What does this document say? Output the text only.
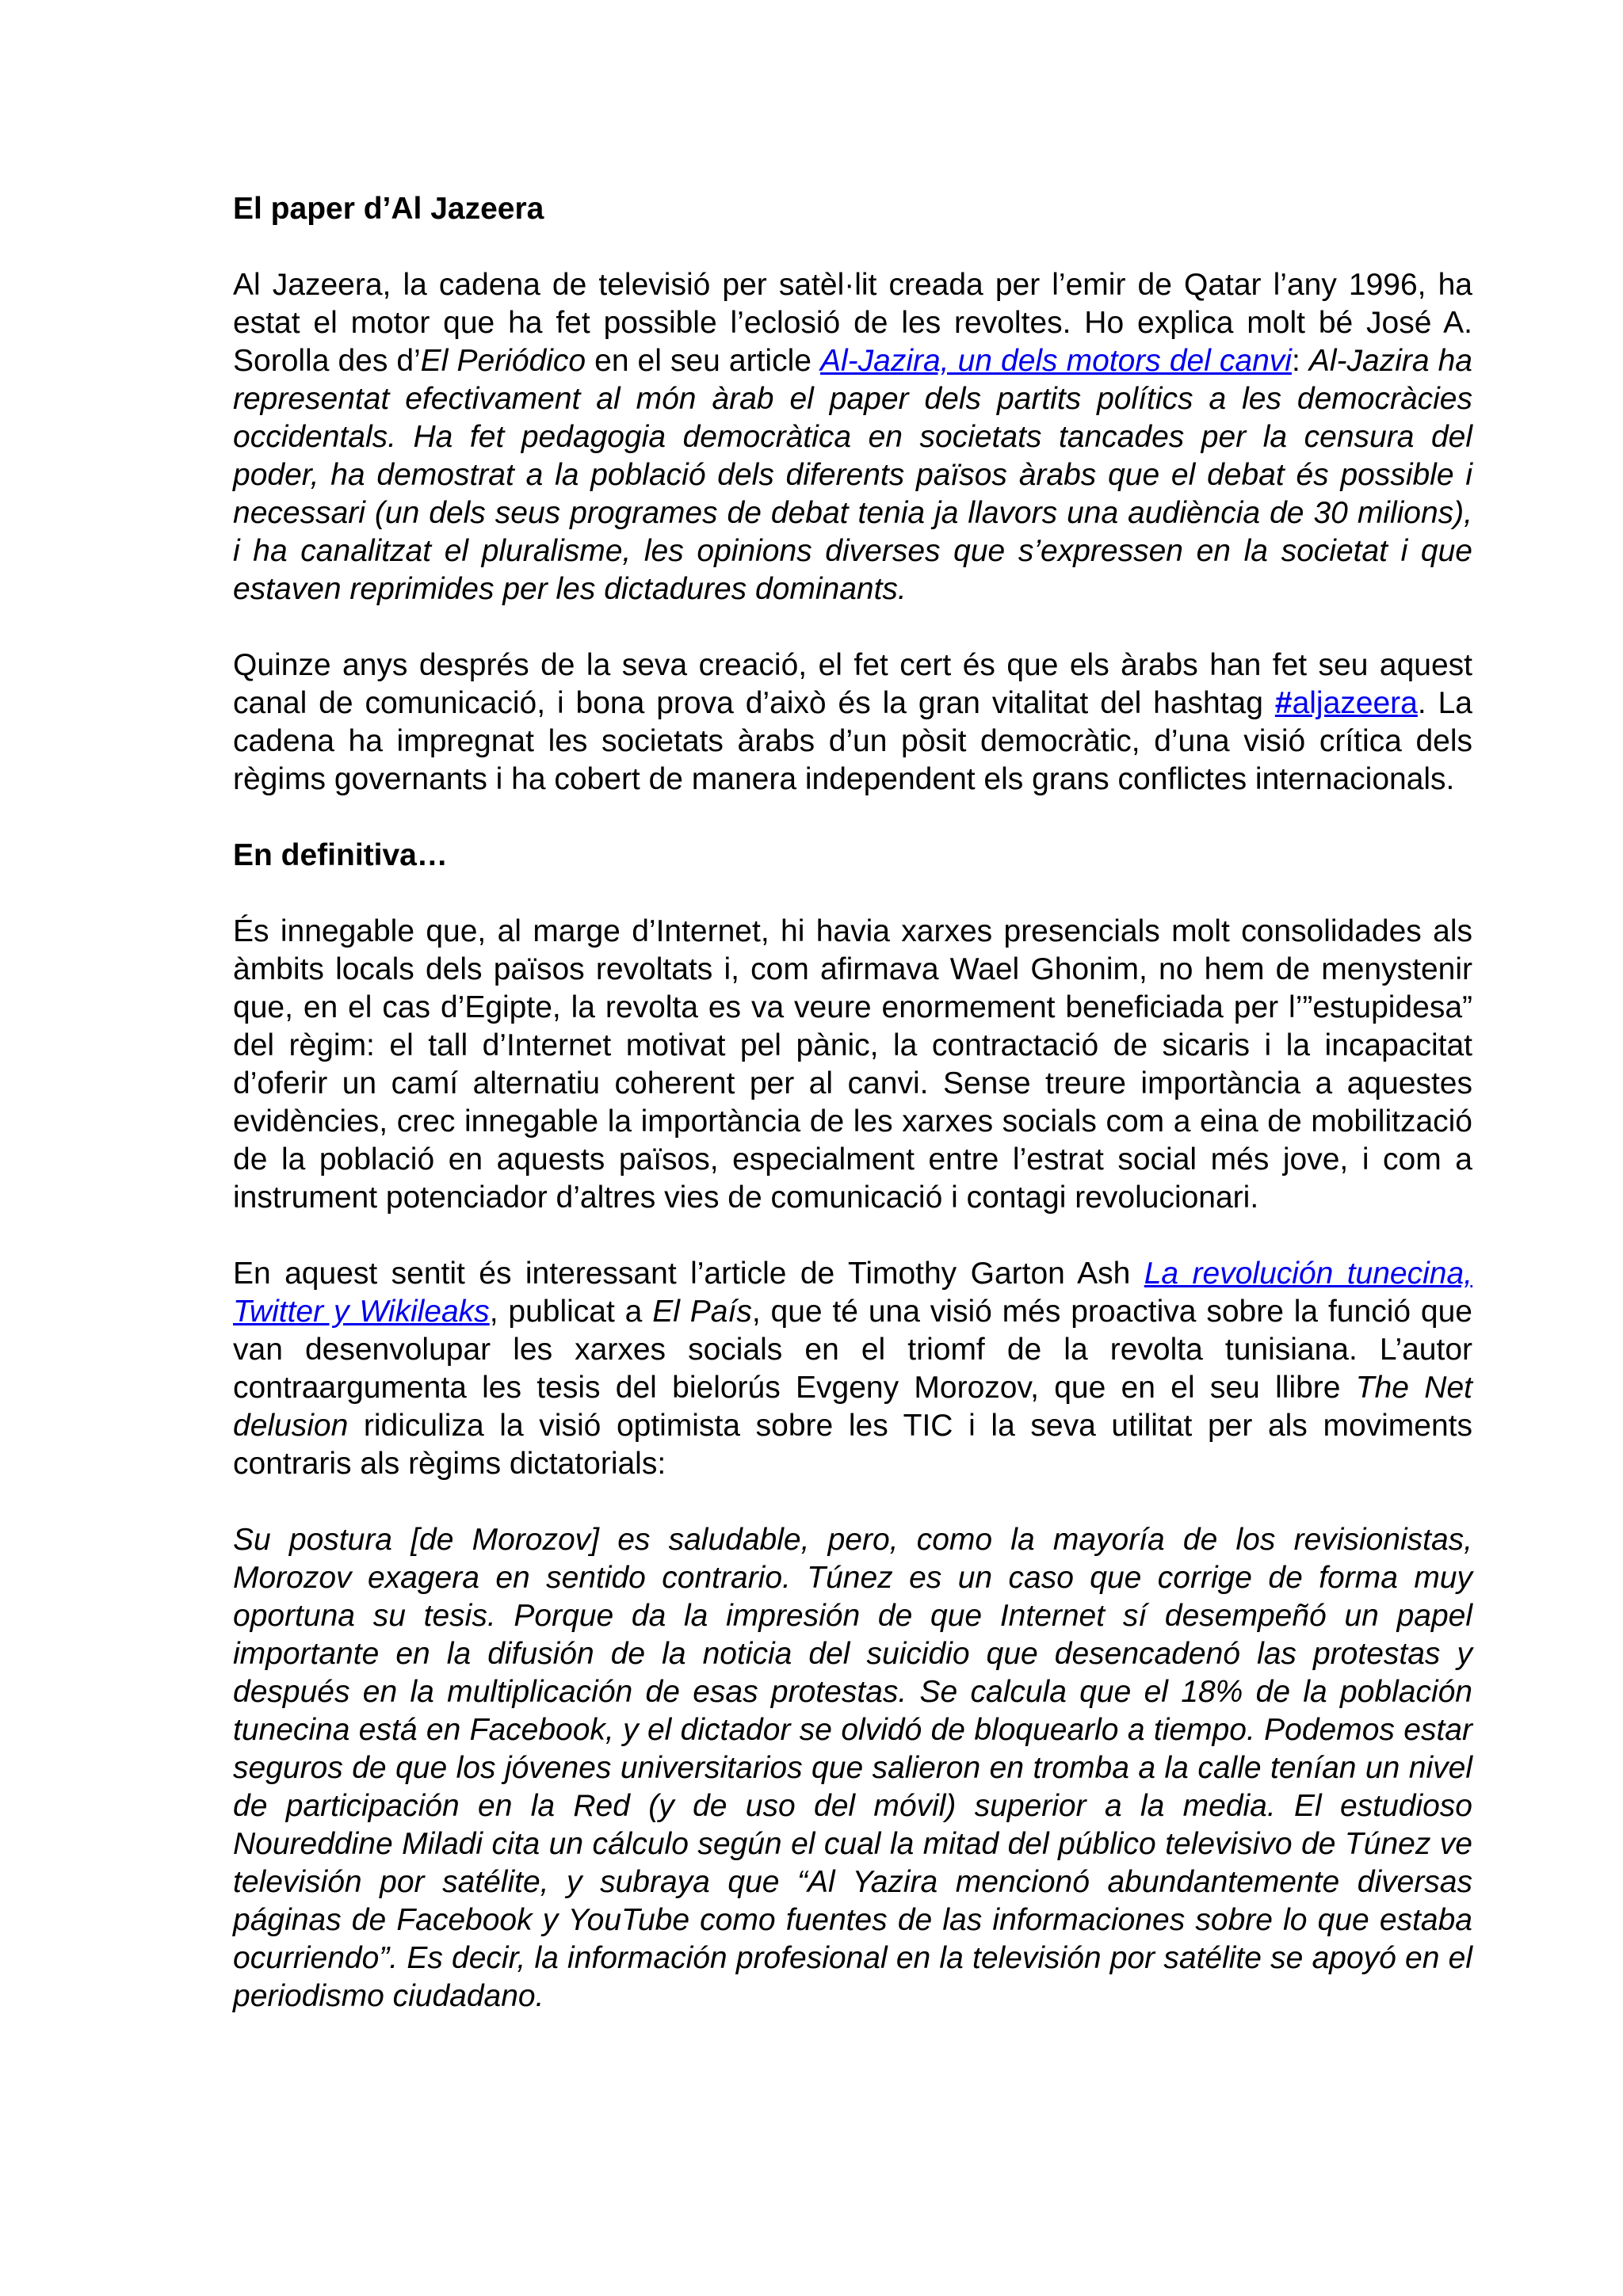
El paper d’Al Jazeera

Al Jazeera, la cadena de televisió per satèl·lit creada per l’emir de Qatar l’any 1996, ha estat el motor que ha fet possible l’eclosió de les revoltes. Ho explica molt bé José A. Sorolla des d’El Periódico en el seu article Al-Jazira, un dels motors del canvi: Al-Jazira ha representat efectivament al món àrab el paper dels partits polítics a les democràcies occidentals. Ha fet pedagogia democràtica en societats tancades per la censura del poder, ha demostrat a la població dels diferents països àrabs que el debat és possible i necessari (un dels seus programes de debat tenia ja llavors una audiència de 30 milions), i ha canalitzat el pluralisme, les opinions diverses que s’expressen en la societat i que estaven reprimides per les dictadures dominants.

Quinze anys després de la seva creació, el fet cert és que els àrabs han fet seu aquest canal de comunicació, i bona prova d’això és la gran vitalitat del hashtag #aljazeera. La cadena ha impregnat les societats àrabs d’un pòsit democràtic, d’una visió crítica dels règims governants i ha cobert de manera independent els grans conflictes internacionals.

En definitiva…

És innegable que, al marge d’Internet, hi havia xarxes presencials molt consolidades als àmbits locals dels països revoltats i, com afirmava Wael Ghonim, no hem de menystenir que, en el cas d’Egipte, la revolta es va veure enormement beneficiada per l’”estupidesa” del règim: el tall d’Internet motivat pel pànic, la contractació de sicaris i la incapacitat d’oferir un camí alternatiu coherent per al canvi. Sense treure importància a aquestes evidències, crec innegable la importància de les xarxes socials com a eina de mobilització de la població en aquests països, especialment entre l’estrat social més jove, i com a instrument potenciador d’altres vies de comunicació i contagi revolucionari.

En aquest sentit és interessant l’article de Timothy Garton Ash La revolución tunecina, Twitter y Wikileaks, publicat a El País, que té una visió més proactiva sobre la funció que van desenvolupar les xarxes socials en el triomf de la revolta tunisiana. L’autor contraargumenta les tesis del bielorús Evgeny Morozov, que en el seu llibre The Net delusion ridiculiza la visió optimista sobre les TIC i la seva utilitat per als moviments contraris als règims dictatorials:

Su postura [de Morozov] es saludable, pero, como la mayoría de los revisionistas, Morozov exagera en sentido contrario. Túnez es un caso que corrige de forma muy oportuna su tesis. Porque da la impresión de que Internet sí desempeñó un papel importante en la difusión de la noticia del suicidio que desencadenó las protestas y después en la multiplicación de esas protestas. Se calcula que el 18% de la población tunecina está en Facebook, y el dictador se olvidó de bloquearlo a tiempo. Podemos estar seguros de que los jóvenes universitarios que salieron en tromba a la calle tenían un nivel de participación en la Red (y de uso del móvil) superior a la media. El estudioso Noureddine Miladi cita un cálculo según el cual la mitad del público televisivo de Túnez ve televisión por satélite, y subraya que “Al Yazira mencionó abundantemente diversas páginas de Facebook y YouTube como fuentes de las informaciones sobre lo que estaba ocurriendo”. Es decir, la información profesional en la televisión por satélite se apoyó en el periodismo ciudadano.
